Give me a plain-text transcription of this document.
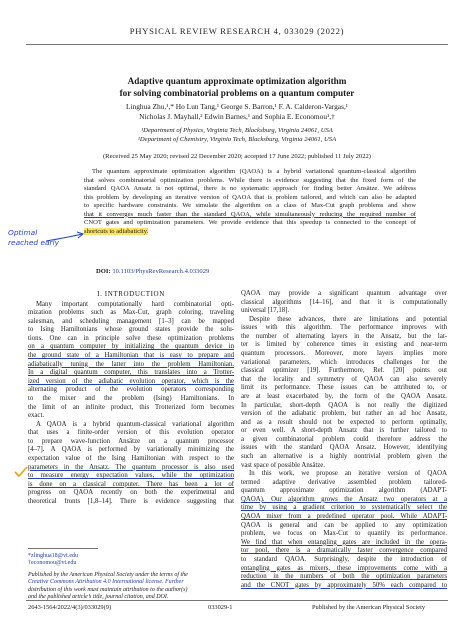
PHYSICAL REVIEW RESEARCH 4, 033029 (2022)
Adaptive quantum approximate optimization algorithm
for solving combinatorial problems on a quantum computer
Linghua Zhu,¹,* Ho Lun Tang,¹ George S. Barron,¹ F. A. Calderon-Vargas,¹
Nicholas J. Mayhall,² Edwin Barnes,¹ and Sophia E. Economou¹,†
¹Department of Physics, Virginia Tech, Blacksburg, Virginia 24061, USA
²Department of Chemistry, Virginia Tech, Blacksburg, Virginia 24061, USA
(Received 25 May 2020; revised 22 December 2020; accepted 17 June 2022; published 11 July 2022)
The quantum approximate optimization algorithm (QAOA) is a hybrid variational quantum-classical algorithm
that solves combinatorial optimization problems. While there is evidence suggesting that the fixed form of the
standard QAOA Ansatz is not optimal, there is no systematic approach for finding better Ansätze. We address
this problem by developing an iterative version of QAOA that is problem tailored, and which can also be adapted
to specific hardware constraints. We simulate the algorithm on a class of Max-Cut graph problems and show
that it converges much faster than the standard QAOA, while simultaneously reducing the required number of
CNOT gates and optimization parameters. We provide evidence that this speedup is connected to the concept of
shortcuts to adiabaticity.
DOI: 10.1103/PhysRevResearch.4.033029
Optimal
reached early
I. INTRODUCTION
Many important computationally hard combinatorial opti-
mization problems such as Max-Cut, graph coloring, traveling
salesman, and scheduling management [1–3] can be mapped
to Ising Hamiltonians whose ground states provide the solu-
tions. One can in principle solve these optimization problems
on a quantum computer by initializing the quantum device in
the ground state of a Hamiltonian that is easy to prepare and
adiabatically tuning the latter into the problem Hamiltonian.
In a digital quantum computer, this translates into a Trotter-
ized version of the adiabatic evolution operator, which is the
alternating product of the evolution operators corresponding
to the mixer and the problem (Ising) Hamiltonians. In
the limit of an infinite product, this Trotterized form becomes
exact.
A QAOA is a hybrid quantum-classical variational algorithm
that uses a finite-order version of this evolution operator
to prepare wave-function Ansätze on a quantum processor
[4–7]. A QAOA is performed by variationally minimizing the
expectation value of the Ising Hamiltonian with respect to the
parameters in the Ansatz. The quantum processor is also used
to measure energy expectation values, while the optimization
is done on a classical computer. There has been a lot of
progress on QAOA recently on both the experimental and
theoretical fronts [1,8–14]. There is evidence suggesting that
*zlinghua18@vt.edu
†economou@vt.edu
Published by the American Physical Society under the terms of the
Creative Commons Attribution 4.0 International license. Further
distribution of this work must maintain attribution to the author(s)
and the published article’s title, journal citation, and DOI.
QAOA may provide a significant quantum advantage over
classical algorithms [14–16], and that it is computationally
universal [17,18].
Despite these advances, there are limitations and potential
issues with this algorithm. The performance improves with
the number of alternating layers in the Ansatz, but the lat-
ter is limited by coherence times in existing and near-term
quantum processors. Moreover, more layers implies more
variational parameters, which introduces challenges for the
classical optimizer [19]. Furthermore, Ref. [20] points out
that the locality and symmetry of QAOA can also severely
limit its performance. These issues can be attributed to, or
are at least exacerbated by, the form of the QAOA Ansatz.
In particular, short-depth QAOA is not really the digitized
version of the adiabatic problem, but rather an ad hoc Ansatz,
and as a result should not be expected to perform optimally,
or even well. A short-depth Ansatz that is further tailored to
a given combinatorial problem could therefore address the
issues with the standard QAOA Ansatz. However, identifying
such an alternative is a highly nontrivial problem given the
vast space of possible Ansätze.
In this work, we propose an iterative version of QAOA
termed adaptive derivative assembled problem tailored-
quantum approximate optimization algorithm (ADAPT-
QAOA). Our algorithm grows the Ansatz two operators at a
time by using a gradient criterion to systematically select the
QAOA mixer from a predefined operator pool. While ADAPT-
QAOA is general and can be applied to any optimization
problem, we focus on Max-Cut to quantify its performance.
We find that when entangling gates are included in the opera-
tor pool, there is a dramatically faster convergence compared
to standard QAOA. Surprisingly, despite the introduction of
entangling gates as mixers, these improvements come with a
reduction in the numbers of both the optimization parameters
and the CNOT gates by approximately 50% each compared to
2643-1564/2022/4(3)/033029(9)	033029-1	Published by the American Physical Society
